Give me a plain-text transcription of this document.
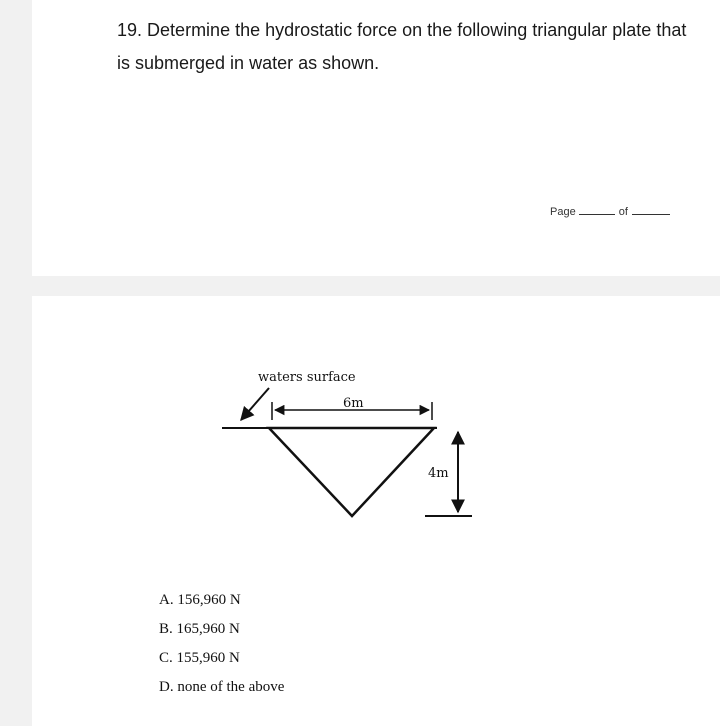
19. Determine the hydrostatic force on the following triangular plate that is submerged in water as shown.
Page	of
waters surface
6m
4m
A. 156,960 N
B. 165,960 N
C. 155,960 N
D. none of the above
